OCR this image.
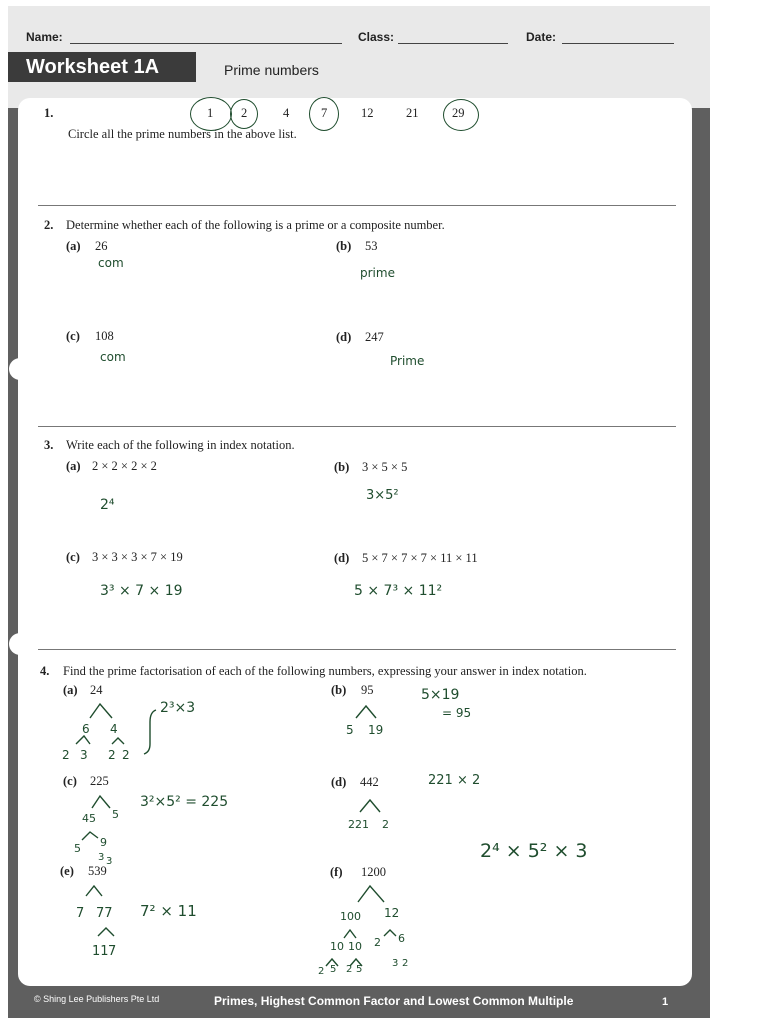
Name:	Class:	Date:
Worksheet 1A	Prime numbers
1.	1 2	4	7	12	21	29
Circle all the prime numbers in the above list.
2. Determine whether each of the following is a prime or a composite number.
(a) 26
com
(b) 53
prime
(c) 108
com
(d) 247
Prime
3. Write each of the following in index notation.
(a) 2 × 2 × 2 × 2
2⁴
(b) 3 × 5 × 5
3×5²
(c) 3 × 3 × 3 × 7 × 19
3³ × 7 × 19
(d) 5 × 7 × 7 × 7 × 11 × 11
5 × 7³ × 11²
4. Find the prime factorisation of each of the following numbers, expressing your answer in index notation.
(a) 24
6 4
2 3 2 2
2³×3
(b) 95
5 19
5×19
= 95
(c) 225
45 5
5 9
3 3
3²×5² = 225
(d) 442
221 2
221 × 2
(e) 539
7 77
11 7
7² × 11
(f) 1200
100 12
10 10 2 6
2 5 2 5
3 2
2⁴ × 5² × 3
© Shing Lee Publishers Pte Ltd	Primes, Highest Common Factor and Lowest Common Multiple	1
